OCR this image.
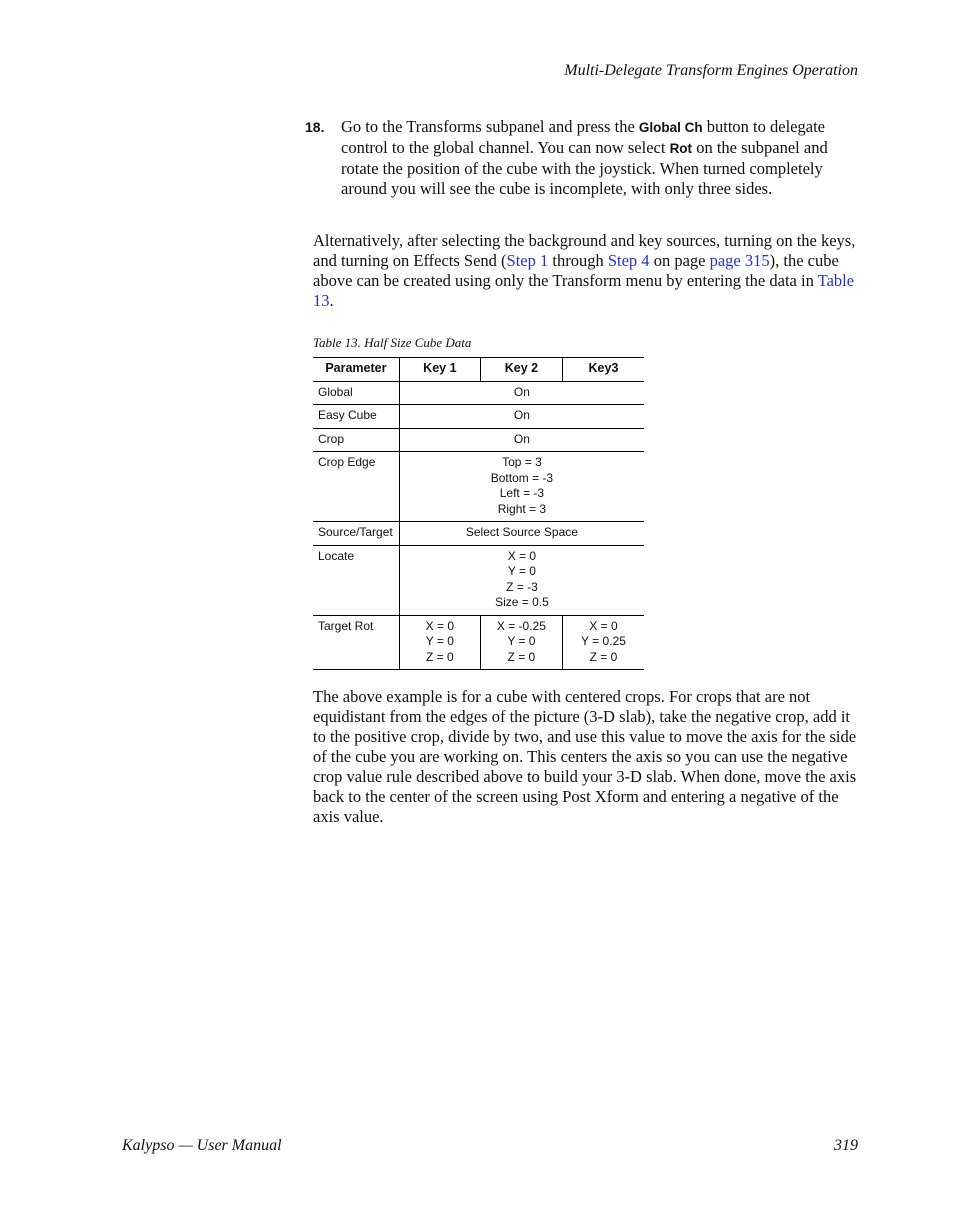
Multi-Delegate Transform Engines Operation
18. Go to the Transforms subpanel and press the Global Ch button to delegate control to the global channel. You can now select Rot on the subpanel and rotate the position of the cube with the joystick. When turned completely around you will see the cube is incomplete, with only three sides.

Alternatively, after selecting the background and key sources, turning on the keys, and turning on Effects Send (Step 1 through Step 4 on page page 315), the cube above can be created using only the Transform menu by entering the data in Table 13.

Table 13. Half Size Cube Data
Parameter	Key 1	Key 2	Key3
Global	On		
Easy Cube	On		
Crop	On		
Crop Edge	Top = 3
Bottom = -3
Left = -3
Right = 3		

Source/Target	Select Source Space		
Locate	X = 0
Y = 0
Z = -3
Size = 0.5		

Target Rot	X = 0
Y = 0
Z = 0	X = -0.25
Y = 0
Z = 0	X = 0
Y = 0.25
Z = 0

The above example is for a cube with centered crops. For crops that are not equidistant from the edges of the picture (3-D slab), take the negative crop, add it to the positive crop, divide by two, and use this value to move the axis for the side of the cube you are working on. This centers the axis so you can use the negative crop value rule described above to build your 3-D slab. When done, move the axis back to the center of the screen using Post Xform and entering a negative of the axis value.

Kalypso — User Manual	319
